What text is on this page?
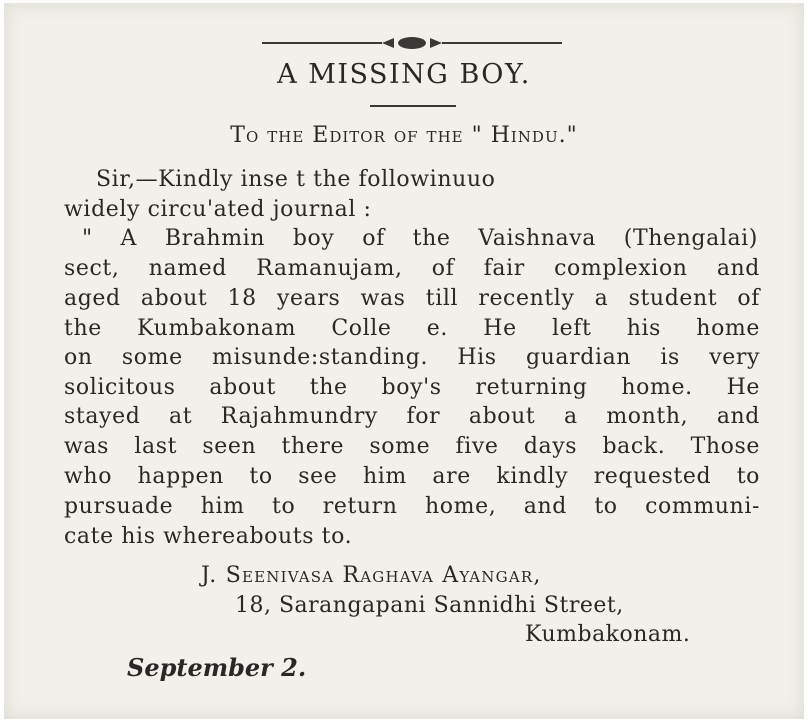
A MISSING BOY.
To the Editor of the " Hindu."
Sir,—Kindly inse t the followinuuo
widely circu'ated journal :
" A Brahmin boy of the Vaishnava (Thengalai)
sect, named Ramanujam, of fair complexion and
aged about 18 years was till recently a student of
the Kumbakonam Colle e. He left his home
on some misunde:standing. His guardian is very
solicitous about the boy's returning home. He
stayed at Rajahmundry for about a month, and
was last seen there some five days back. Those
who happen to see him are kindly requested to
pursuade him to return home, and to communi-
cate his whereabouts to.
J. Seenivasa Raghava Ayangar,
18, Sarangapani Sannidhi Street,
Kumbakonam.
September 2.
